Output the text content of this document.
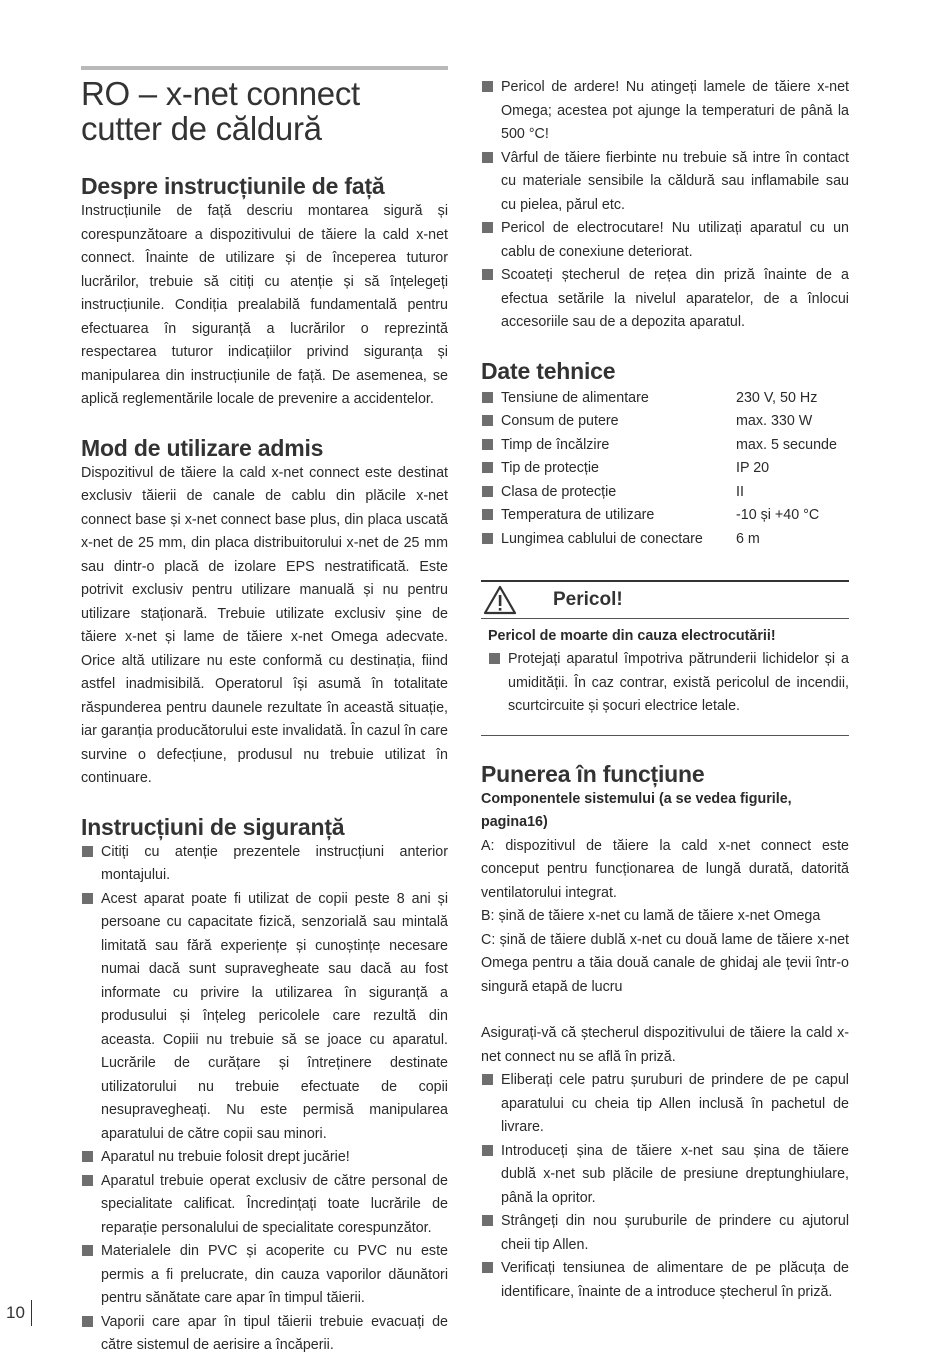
RO – x-net connect cutter de căldură
Despre instrucțiunile de față

Instrucțiunile de față descriu montarea sigură și corespunzătoare a dispozitivului de tăiere la cald x-net connect. Înainte de utilizare și de începerea tuturor lucrărilor, trebuie să citiți cu atenție și să înțelegeți instrucțiunile. Condiția prealabilă fundamentală pentru efectuarea în siguranță a lucrărilor o reprezintă respectarea tuturor indicațiilor privind siguranța și manipularea din instrucțiunile de față. De asemenea, se aplică reglementările locale de prevenire a accidentelor.

Mod de utilizare admis

Dispozitivul de tăiere la cald x-net connect este destinat exclusiv tăierii de canale de cablu din plăcile x-net connect base și x-net connect base plus, din placa uscată x-net de 25 mm, din placa distribuitorului x-net de 25 mm sau dintr-o placă de izolare EPS nestratificată. Este potrivit exclusiv pentru utilizare manuală și nu pentru utilizare staționară. Trebuie utilizate exclusiv șine de tăiere x-net și lame de tăiere x-net Omega adecvate. Orice altă utilizare nu este conformă cu destinația, fiind astfel inadmisibilă. Operatorul își asumă în totalitate răspunderea pentru daunele rezultate în această situație, iar garanția producătorului este invalidată. În cazul în care survine o defecțiune, produsul nu trebuie utilizat în continuare.

Instrucțiuni de siguranță
Citiți cu atenție prezentele instrucțiuni anterior montajului.
Acest aparat poate fi utilizat de copii peste 8 ani și persoane cu capacitate fizică, senzorială sau mintală limitată sau fără experiențe și cunoștințe necesare numai dacă sunt supravegheate sau dacă au fost informate cu privire la utilizarea în siguranță a produsului și înțeleg pericolele care rezultă din aceasta. Copiii nu trebuie să se joace cu aparatul. Lucrările de curățare și întreținere destinate utilizatorului nu trebuie efectuate de copii nesupravegheați. Nu este permisă manipularea aparatului de către copii sau minori.
Aparatul nu trebuie folosit drept jucărie!
Aparatul trebuie operat exclusiv de către personal de specialitate calificat. Încredințați toate lucrările de reparație personalului de specialitate corespunzător.
Materialele din PVC și acoperite cu PVC nu este permis a fi prelucrate, din cauza vaporilor dăunători pentru sănătate care apar în timpul tăierii.
Vaporii care apar în tipul tăierii trebuie evacuați de către sistemul de aerisire a încăperii.
Pericol de ardere! Nu atingeți lamele de tăiere x-net Omega; acestea pot ajunge la temperaturi de până la 500 °C!
Vârful de tăiere fierbinte nu trebuie să intre în contact cu materiale sensibile la căldură sau inflamabile sau cu pielea, părul etc.
Pericol de electrocutare! Nu utilizați aparatul cu un cablu de conexiune deteriorat.
Scoateți ștecherul de rețea din priză înainte de a efectua setările la nivelul aparatelor, de a înlocui accesoriile sau de a depozita aparatul.
Date tehnice
Tensiune de alimentare	230 V, 50 Hz
Consum de putere	max. 330 W
Timp de încălzire	max. 5 secunde
Tip de protecție	IP 20
Clasa de protecție	II
Temperatura de utilizare	-10 și +40 °C
Lungimea cablului de conectare	6 m
Pericol!
Pericol de moarte din cauza electrocutării!
Protejați aparatul împotriva pătrunderii lichidelor și a umidității. În caz contrar, există pericolul de incendii, scurtcircuite și șocuri electrice letale.
Punerea în funcțiune
Componentele sistemului (a se vedea figurile, pagina16)

A: dispozitivul de tăiere la cald x-net connect este conceput pentru funcționarea de lungă durată, datorită ventilatorului integrat.

B: șină de tăiere x-net cu lamă de tăiere x-net Omega

C: șină de tăiere dublă x-net cu două lame de tăiere x-net Omega pentru a tăia două canale de ghidaj ale țevii într-o singură etapă de lucru

Asigurați-vă că ștecherul dispozitivului de tăiere la cald x-net connect nu se află în priză.

Eliberați cele patru șuruburi de prindere de pe capul aparatului cu cheia tip Allen inclusă în pachetul de livrare.
Introduceți șina de tăiere x-net sau șina de tăiere dublă x-net sub plăcile de presiune dreptunghiulare, până la opritor.
Strângeți din nou șuruburile de prindere cu ajutorul cheii tip Allen.
Verificați tensiunea de alimentare de pe plăcuța de identificare, înainte de a introduce ștecherul în priză.
10
